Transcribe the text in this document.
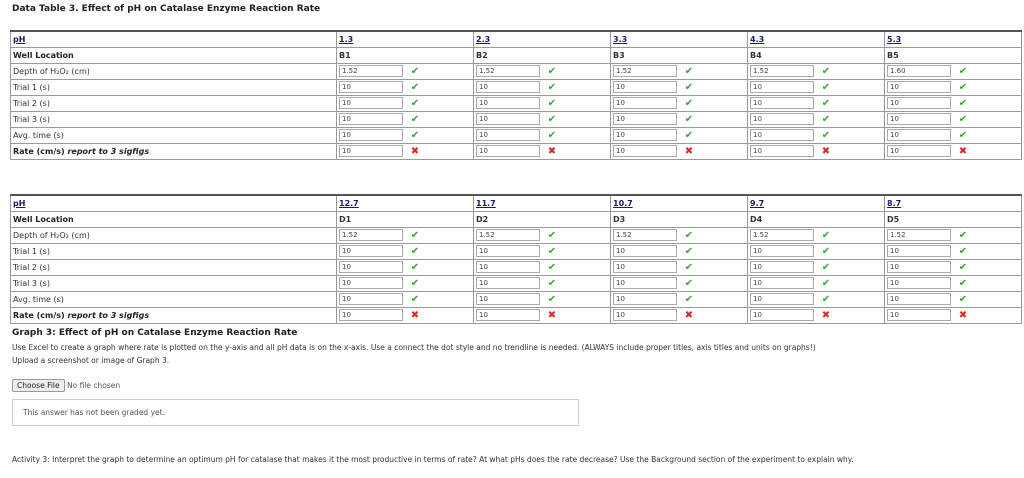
Data Table 3. Effect of pH on Catalase Enzyme Reaction Rate
pH	1.3	2.3	3.3	4.3	5.3
Well Location	B1	B2	B3	B4	B5
Depth of H₂O₂ (cm)	1.52 ✔	1.52 ✔	1.52 ✔	1.52 ✔	1.60 ✔
Trial 1 (s)	10 ✔	10 ✔	10 ✔	10 ✔	10 ✔
Trial 2 (s)	10 ✔	10 ✔	10 ✔	10 ✔	10 ✔
Trial 3 (s)	10 ✔	10 ✔	10 ✔	10 ✔	10 ✔
Avg. time (s)	10 ✔	10 ✔	10 ✔	10 ✔	10 ✔
Rate (cm/s) report to 3 sigfigs	10 ✖	10 ✖	10 ✖	10 ✖	10 ✖
pH	12.7	11.7	10.7	9.7	8.7
Well Location	D1	D2	D3	D4	D5
Depth of H₂O₂ (cm)	1.52 ✔	1.52 ✔	1.52 ✔	1.52 ✔	1.52 ✔
Trial 1 (s)	10 ✔	10 ✔	10 ✔	10 ✔	10 ✔
Trial 2 (s)	10 ✔	10 ✔	10 ✔	10 ✔	10 ✔
Trial 3 (s)	10 ✔	10 ✔	10 ✔	10 ✔	10 ✔
Avg. time (s)	10 ✔	10 ✔	10 ✔	10 ✔	10 ✔
Rate (cm/s) report to 3 sigfigs	10 ✖	10 ✖	10 ✖	10 ✖	10 ✖
Graph 3: Effect of pH on Catalase Enzyme Reaction Rate
Use Excel to create a graph where rate is plotted on the y-axis and all pH data is on the x-axis. Use a connect the dot style and no trendline is needed. (ALWAYS include proper titles, axis titles and units on graphs!)
Upload a screenshot or image of Graph 3.
Choose File No file chosen
This answer has not been graded yet.
Activity 3: Interpret the graph to determine an optimum pH for catalase that makes it the most productive in terms of rate? At what pHs does the rate decrease? Use the Background section of the experiment to explain why.
